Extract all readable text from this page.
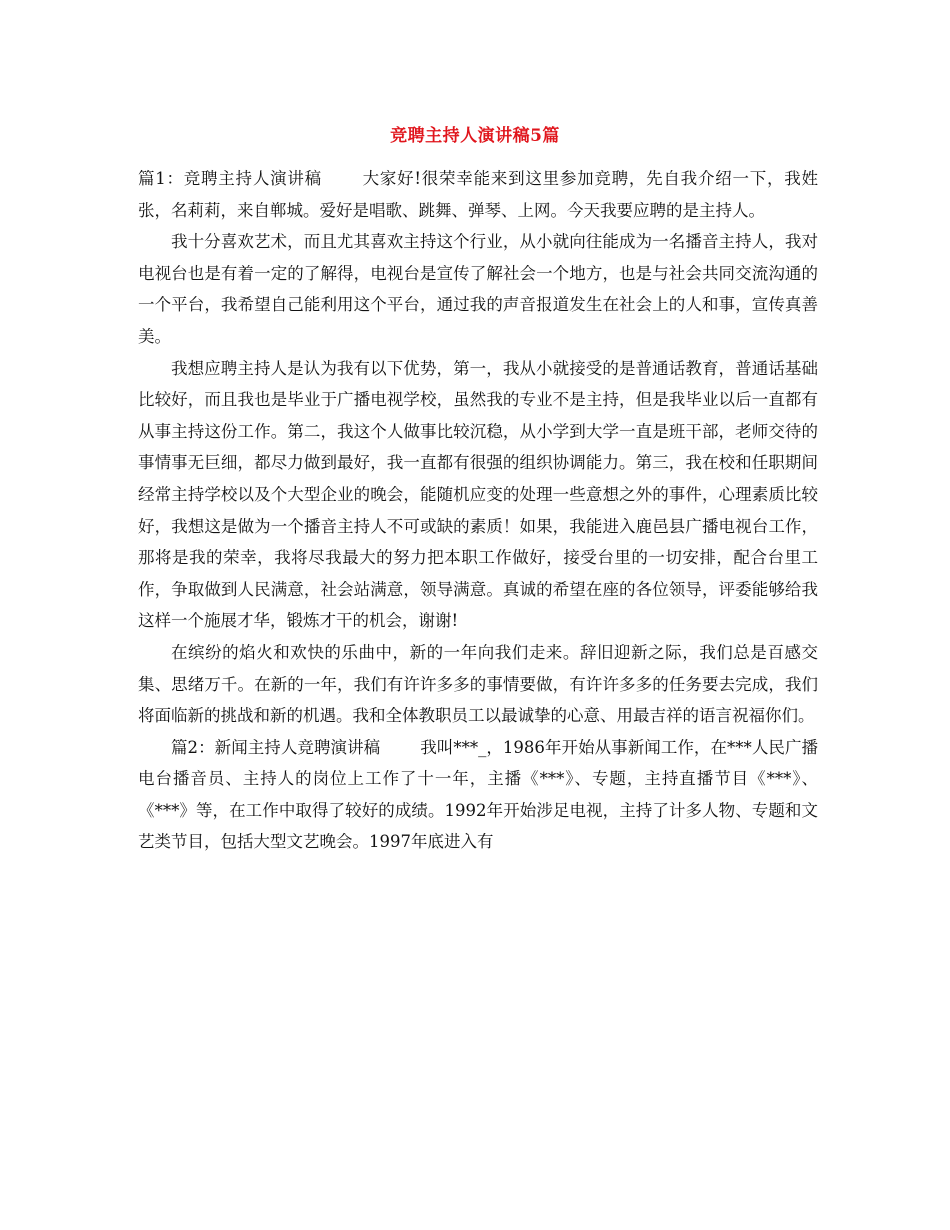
竞聘主持人演讲稿5篇

篇1：竞聘主持人演讲稿 大家好!很荣幸能来到这里参加竞聘，先自我介绍一下，我姓张，名莉莉，来自郸城。爱好是唱歌、跳舞、弹琴、上网。今天我要应聘的是主持人。

我十分喜欢艺术，而且尤其喜欢主持这个行业，从小就向往能成为一名播音主持人，我对电视台也是有着一定的了解得，电视台是宣传了解社会一个地方，也是与社会共同交流沟通的一个平台，我希望自己能利用这个平台，通过我的声音报道发生在社会上的人和事，宣传真善美。

我想应聘主持人是认为我有以下优势，第一，我从小就接受的是普通话教育，普通话基础比较好，而且我也是毕业于广播电视学校，虽然我的专业不是主持，但是我毕业以后一直都有从事主持这份工作。第二，我这个人做事比较沉稳，从小学到大学一直是班干部，老师交待的事情事无巨细，都尽力做到最好，我一直都有很强的组织协调能力。第三，我在校和任职期间经常主持学校以及个大型企业的晚会，能随机应变的处理一些意想之外的事件，心理素质比较好，我想这是做为一个播音主持人不可或缺的素质！如果，我能进入鹿邑县广播电视台工作，那将是我的荣幸，我将尽我最大的努力把本职工作做好，接受台里的一切安排，配合台里工作，争取做到人民满意，社会站满意，领导满意。真诚的希望在座的各位领导，评委能够给我这样一个施展才华，锻炼才干的机会，谢谢!

在缤纷的焰火和欢快的乐曲中，新的一年向我们走来。辞旧迎新之际，我们总是百感交集、思绪万千。在新的一年，我们有许许多多的事情要做，有许许多多的任务要去完成，我们将面临新的挑战和新的机遇。我和全体教职员工以最诚挚的心意、用最吉祥的语言祝福你们。

篇2：新闻主持人竞聘演讲稿 我叫***_，1986年开始从事新闻工作，在***人民广播电台播音员、主持人的岗位上工作了十一年，主播《***》、专题，主持直播节目《***》、《***》等，在工作中取得了较好的成绩。1992年开始涉足电视，主持了计多人物、专题和文艺类节目，包括大型文艺晚会。1997年底进入有
